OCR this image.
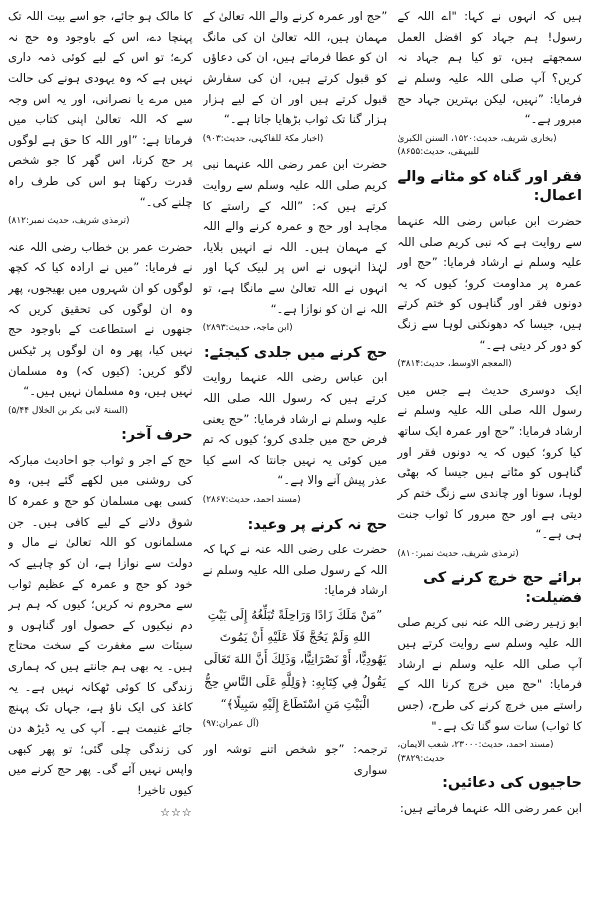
ہیں کہ انہوں نے کہا: "اے اللہ کے رسول! ہم جہاد کو افضل العمل سمجھتے ہیں، تو کیا ہم جہاد نہ کریں؟ آپ صلی اللہ علیہ وسلم نے فرمایا: ”نہیں، لیکن بہترین جہاد حج مبرور ہے۔“

(بخاری شریف، حدیث:۱۵۲۰، السنن الکبریٰ للبیہقی، حدیث:۸۶۵۵)

فقر اور گناہ کو مٹانے والے اعمال:

حضرت ابن عباس رضی اللہ عنہما سے روایت ہے کہ نبی کریم صلی اللہ علیہ وسلم نے ارشاد فرمایا: ”حج اور عمرہ پر مداومت کرو؛ کیوں کہ یہ دونوں فقر اور گناہوں کو ختم کرتے ہیں، جیسا کہ دھونکنی لوہا سے زنگ کو دور کر دیتی ہے۔“

(المعجم الاوسط، حدیث:۳۸۱۴)

ایک دوسری حدیث ہے جس میں رسول اللہ صلی اللہ علیہ وسلم نے ارشاد فرمایا: ”حج اور عمرہ ایک ساتھ کیا کرو؛ کیوں کہ یہ دونوں فقر اور گناہوں کو مٹاتے ہیں جیسا کہ بھٹی لوہا، سونا اور چاندی سے زنگ ختم کر دیتی ہے اور حج مبرور کا ثواب جنت ہی ہے۔“

(ترمذی شریف، حدیث نمبر:۸۱۰)

برائے حج خرچ کرنے کی فضیلت:

ابو زہیر رضی اللہ عنہ نبی کریم صلی اللہ علیہ وسلم سے روایت کرتے ہیں آپ صلی اللہ علیہ وسلم نے ارشاد فرمایا: "حج میں خرچ کرنا اللہ کے راستے میں خرچ کرنے کی طرح، (جس کا ثواب) سات سو گنا تک ہے۔"

(مسند احمد، حدیث:۲۳۰۰۰، شعب الایمان، حدیث:۳۸۲۹)

حاجیوں کی دعائیں:

ابن عمر رضی اللہ عنہما فرماتے ہیں:

”حج اور عمرہ کرنے والے اللہ تعالیٰ کے مہمان ہیں، اللہ تعالیٰ ان کی مانگ ان کو عطا فرماتے ہیں، ان کی دعاؤں کو قبول کرتے ہیں، ان کی سفارش قبول کرتے ہیں اور ان کے لیے ہزار ہزار گنا تک ثواب بڑھایا جاتا ہے۔“

(اخبار مکۃ للفاکہی، حدیث:۹۰۳)

حضرت ابن عمر رضی اللہ عنہما نبی کریم صلی اللہ علیہ وسلم سے روایت کرتے ہیں کہ: ”اللہ کے راستے کا مجاہد اور حج و عمرہ کرنے والے اللہ کے مہمان ہیں۔ اللہ نے انہیں بلایا، لہٰذا انہوں نے اس پر لبیک کہا اور انہوں نے اللہ تعالیٰ سے مانگا ہے، تو اللہ نے ان کو نوازا ہے۔“

(ابن ماجہ، حدیث:۲۸۹۳)

حج کرنے میں جلدی کیجئے:

ابن عباس رضی اللہ عنہما روایت کرتے ہیں کہ رسول اللہ صلی اللہ علیہ وسلم نے ارشاد فرمایا: ”حج یعنی فرض حج میں جلدی کرو؛ کیوں کہ تم میں کوئی یہ نہیں جانتا کہ اسے کیا عذر پیش آنے والا ہے۔“

(مسند احمد، حدیث:۲۸۶۷)

حج نہ کرنے پر وعید:

حضرت علی رضی اللہ عنہ نے کہا کہ اللہ کے رسول صلی اللہ علیہ وسلم نے ارشاد فرمایا:

”مَنْ مَلَكَ زَادًا وَرَاحِلَةً تُبَلِّغُهُ إِلَى بَيْتِ اللهِ وَلَمْ يَحُجَّ فَلَا عَلَيْهِ أَنْ يَمُوتَ يَهُودِيًّا، أَوْ نَصْرَانِيًّا، وَذَلِكَ أَنَّ اللهَ تَعَالَى يَقُولُ فِي كِتَابِهِ: ﴿وَلِلَّهِ عَلَى النَّاسِ حِجُّ الْبَيْتِ مَنِ اسْتَطَاعَ إِلَيْهِ سَبِيلًا﴾“

(آل عمران:۹۷)

ترجمہ: ”جو شخص اتنے توشہ اور سواری

کا مالک ہو جائے، جو اسے بیت اللہ تک پہنچا دے، اس کے باوجود وہ حج نہ کرے؛ تو اس کے لیے کوئی ذمہ داری نہیں ہے کہ وہ یہودی ہونے کی حالت میں مرے یا نصرانی، اور یہ اس وجہ سے کہ اللہ تعالیٰ اپنی کتاب میں فرماتا ہے: ”اور اللہ کا حق ہے لوگوں پر حج کرنا، اس گھر کا جو شخص قدرت رکھتا ہو اس کی طرف راہ چلنے کی۔“

(ترمذی شریف، حدیث نمبر:۸۱۲)

حضرت عمر بن خطاب رضی اللہ عنہ نے فرمایا: ”میں نے ارادہ کیا کہ کچھ لوگوں کو ان شہروں میں بھیجوں، پھر وہ ان لوگوں کی تحقیق کریں کہ جنھوں نے استطاعت کے باوجود حج نہیں کیا، پھر وہ ان لوگوں پر ٹیکس لاگو کریں: (کیوں کہ) وہ مسلمان نہیں ہیں، وہ مسلمان نہیں ہیں۔“

(السنۃ لابی بکر بن الخلال ۵/۴۴)

حرف آخر:

حج کے اجر و ثواب جو احادیث مبارکہ کی روشنی میں لکھے گئے ہیں، وہ کسی بھی مسلمان کو حج و عمرہ کا شوق دلانے کے لیے کافی ہیں۔ جن مسلمانوں کو اللہ تعالیٰ نے مال و دولت سے نوازا ہے، ان کو چاہیے کہ خود کو حج و عمرہ کے عظیم ثواب سے محروم نہ کریں؛ کیوں کہ ہم ہر دم نیکیوں کے حصول اور گناہوں و سیئات سے مغفرت کے سخت محتاج ہیں۔ یہ بھی ہم جانتے ہیں کہ ہماری زندگی کا کوئی ٹھکانہ نہیں ہے۔ یہ کاغذ کی ایک ناؤ ہے، جہاں تک پہنچ جائے غنیمت ہے۔ آپ کی یہ ڈیڑھ دن کی زندگی چلی گئی؛ تو پھر کبھی واپس نہیں آئے گی۔ پھر حج کرنے میں کیوں تاخیر!

☆☆☆
